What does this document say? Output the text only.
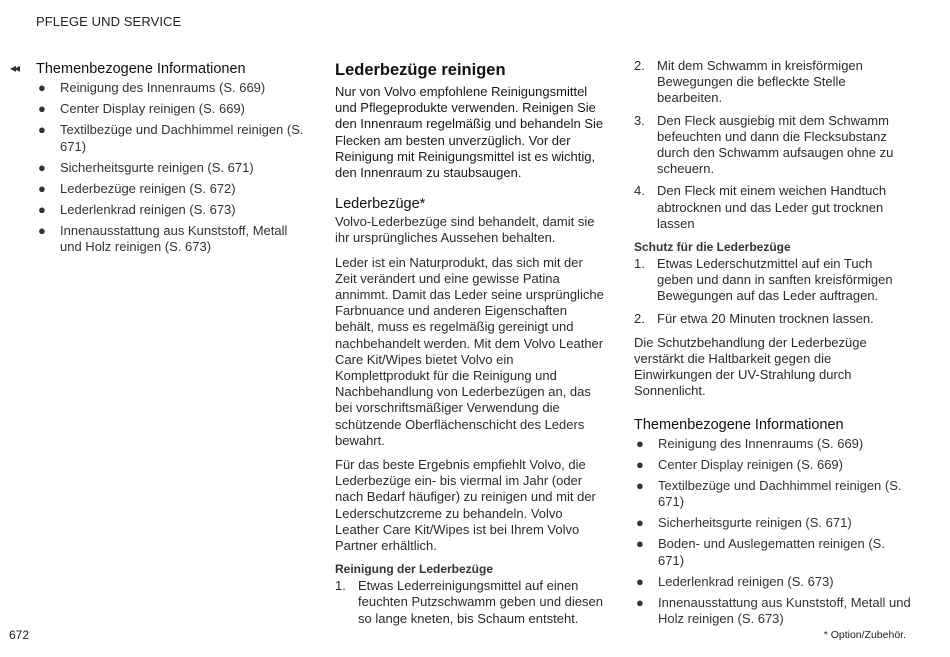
PFLEGE UND SERVICE
◂◂ Themenbezogene Informationen
● Reinigung des Innenraums (S. 669)
● Center Display reinigen (S. 669)
● Textilbezüge und Dachhimmel reinigen (S. 671)
● Sicherheitsgurte reinigen (S. 671)
● Lederbezüge reinigen (S. 672)
● Lederlenkrad reinigen (S. 673)
● Innenausstattung aus Kunststoff, Metall und Holz reinigen (S. 673)
Lederbezüge reinigen

Nur von Volvo empfohlene Reinigungsmittel und Pflegeprodukte verwenden. Reinigen Sie den Innenraum regelmäßig und behandeln Sie Flecken am besten unverzüglich. Vor der Reinigung mit Reinigungsmittel ist es wichtig, den Innenraum zu staubsaugen.

Lederbezüge*

Volvo-Lederbezüge sind behandelt, damit sie ihr ursprüngliches Aussehen behalten.

Leder ist ein Naturprodukt, das sich mit der Zeit verändert und eine gewisse Patina annimmt. Damit das Leder seine ursprüngliche Farbnuance und anderen Eigenschaften behält, muss es regelmäßig gereinigt und nachbehandelt werden. Mit dem Volvo Leather Care Kit/Wipes bietet Volvo ein Komplettprodukt für die Reinigung und Nachbehandlung von Lederbezügen an, das bei vorschriftsmäßiger Verwendung die schützende Oberflächenschicht des Leders bewahrt.

Für das beste Ergebnis empfiehlt Volvo, die Lederbezüge ein- bis viermal im Jahr (oder nach Bedarf häufiger) zu reinigen und mit der Lederschutzcreme zu behandeln. Volvo Leather Care Kit/Wipes ist bei Ihrem Volvo Partner erhältlich.

Reinigung der Lederbezüge
1. Etwas Lederreinigungsmittel auf einen feuchten Putzschwamm geben und diesen so lange kneten, bis Schaum entsteht.
2. Mit dem Schwamm in kreisförmigen Bewegungen die befleckte Stelle bearbeiten.
3. Den Fleck ausgiebig mit dem Schwamm befeuchten und dann die Flecksubstanz durch den Schwamm aufsaugen ohne zu scheuern.
4. Den Fleck mit einem weichen Handtuch abtrocknen und das Leder gut trocknen lassen
Schutz für die Lederbezüge
1. Etwas Lederschutzmittel auf ein Tuch geben und dann in sanften kreisförmigen Bewegungen auf das Leder auftragen.
2. Für etwa 20 Minuten trocknen lassen.

Die Schutzbehandlung der Lederbezüge verstärkt die Haltbarkeit gegen die Einwirkungen der UV-Strahlung durch Sonnenlicht.

Themenbezogene Informationen
● Reinigung des Innenraums (S. 669)
● Center Display reinigen (S. 669)
● Textilbezüge und Dachhimmel reinigen (S. 671)
● Sicherheitsgurte reinigen (S. 671)
● Boden- und Auslegematten reinigen (S. 671)
● Lederlenkrad reinigen (S. 673)
● Innenausstattung aus Kunststoff, Metall und Holz reinigen (S. 673)
672	* Option/Zubehör.
